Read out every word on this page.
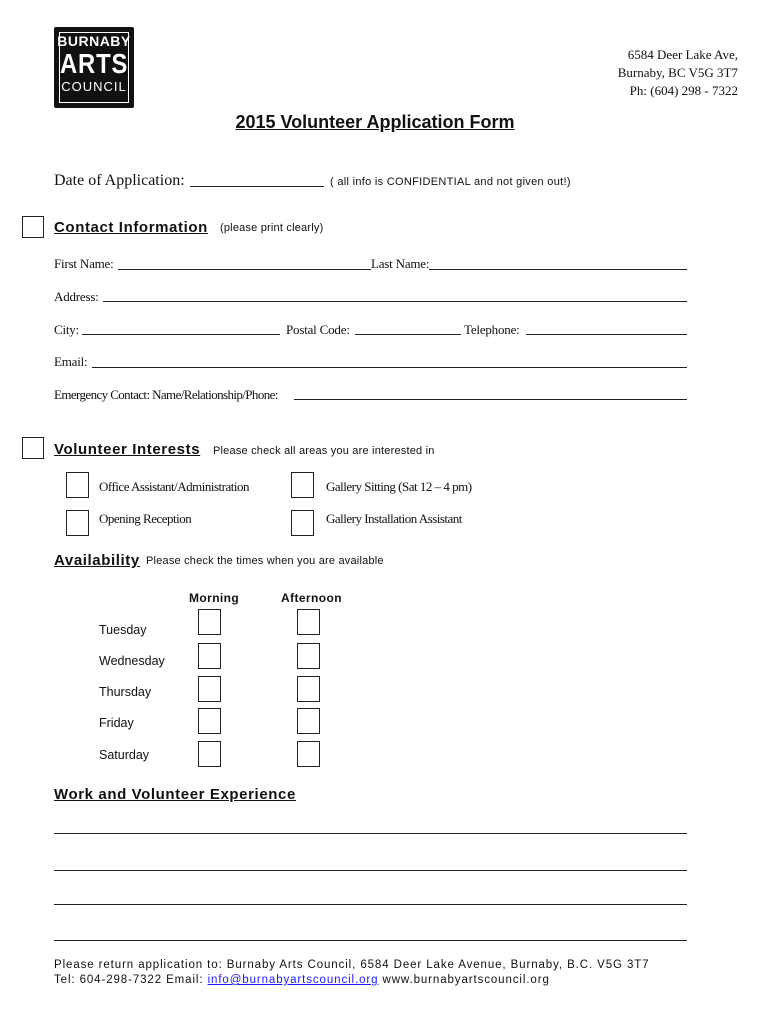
BURNABY
ARTS
COUNCIL
6584 Deer Lake Ave,
Burnaby, BC V5G 3T7
Ph: (604) 298 - 7322
2015 Volunteer Application Form
Date of Application:	( all info is CONFIDENTIAL and not given out!)
Contact Information (please print clearly)
First Name:	Last Name:
Address:
City:	Postal Code:	Telephone:
Email:
Emergency Contact: Name/Relationship/Phone:
Volunteer Interests Please check all areas you are interested in
Office Assistant/Administration	Gallery Sitting (Sat 12 – 4 pm)
Opening Reception	Gallery Installation Assistant
Availability Please check the times when you are available
Morning	Afternoon
Tuesday
Wednesday
Thursday
Friday
Saturday
Work and Volunteer Experience
Please return application to: Burnaby Arts Council, 6584 Deer Lake Avenue, Burnaby, B.C. V5G 3T7
Tel: 604-298-7322 Email: info@burnabyartscouncil.org www.burnabyartscouncil.org
